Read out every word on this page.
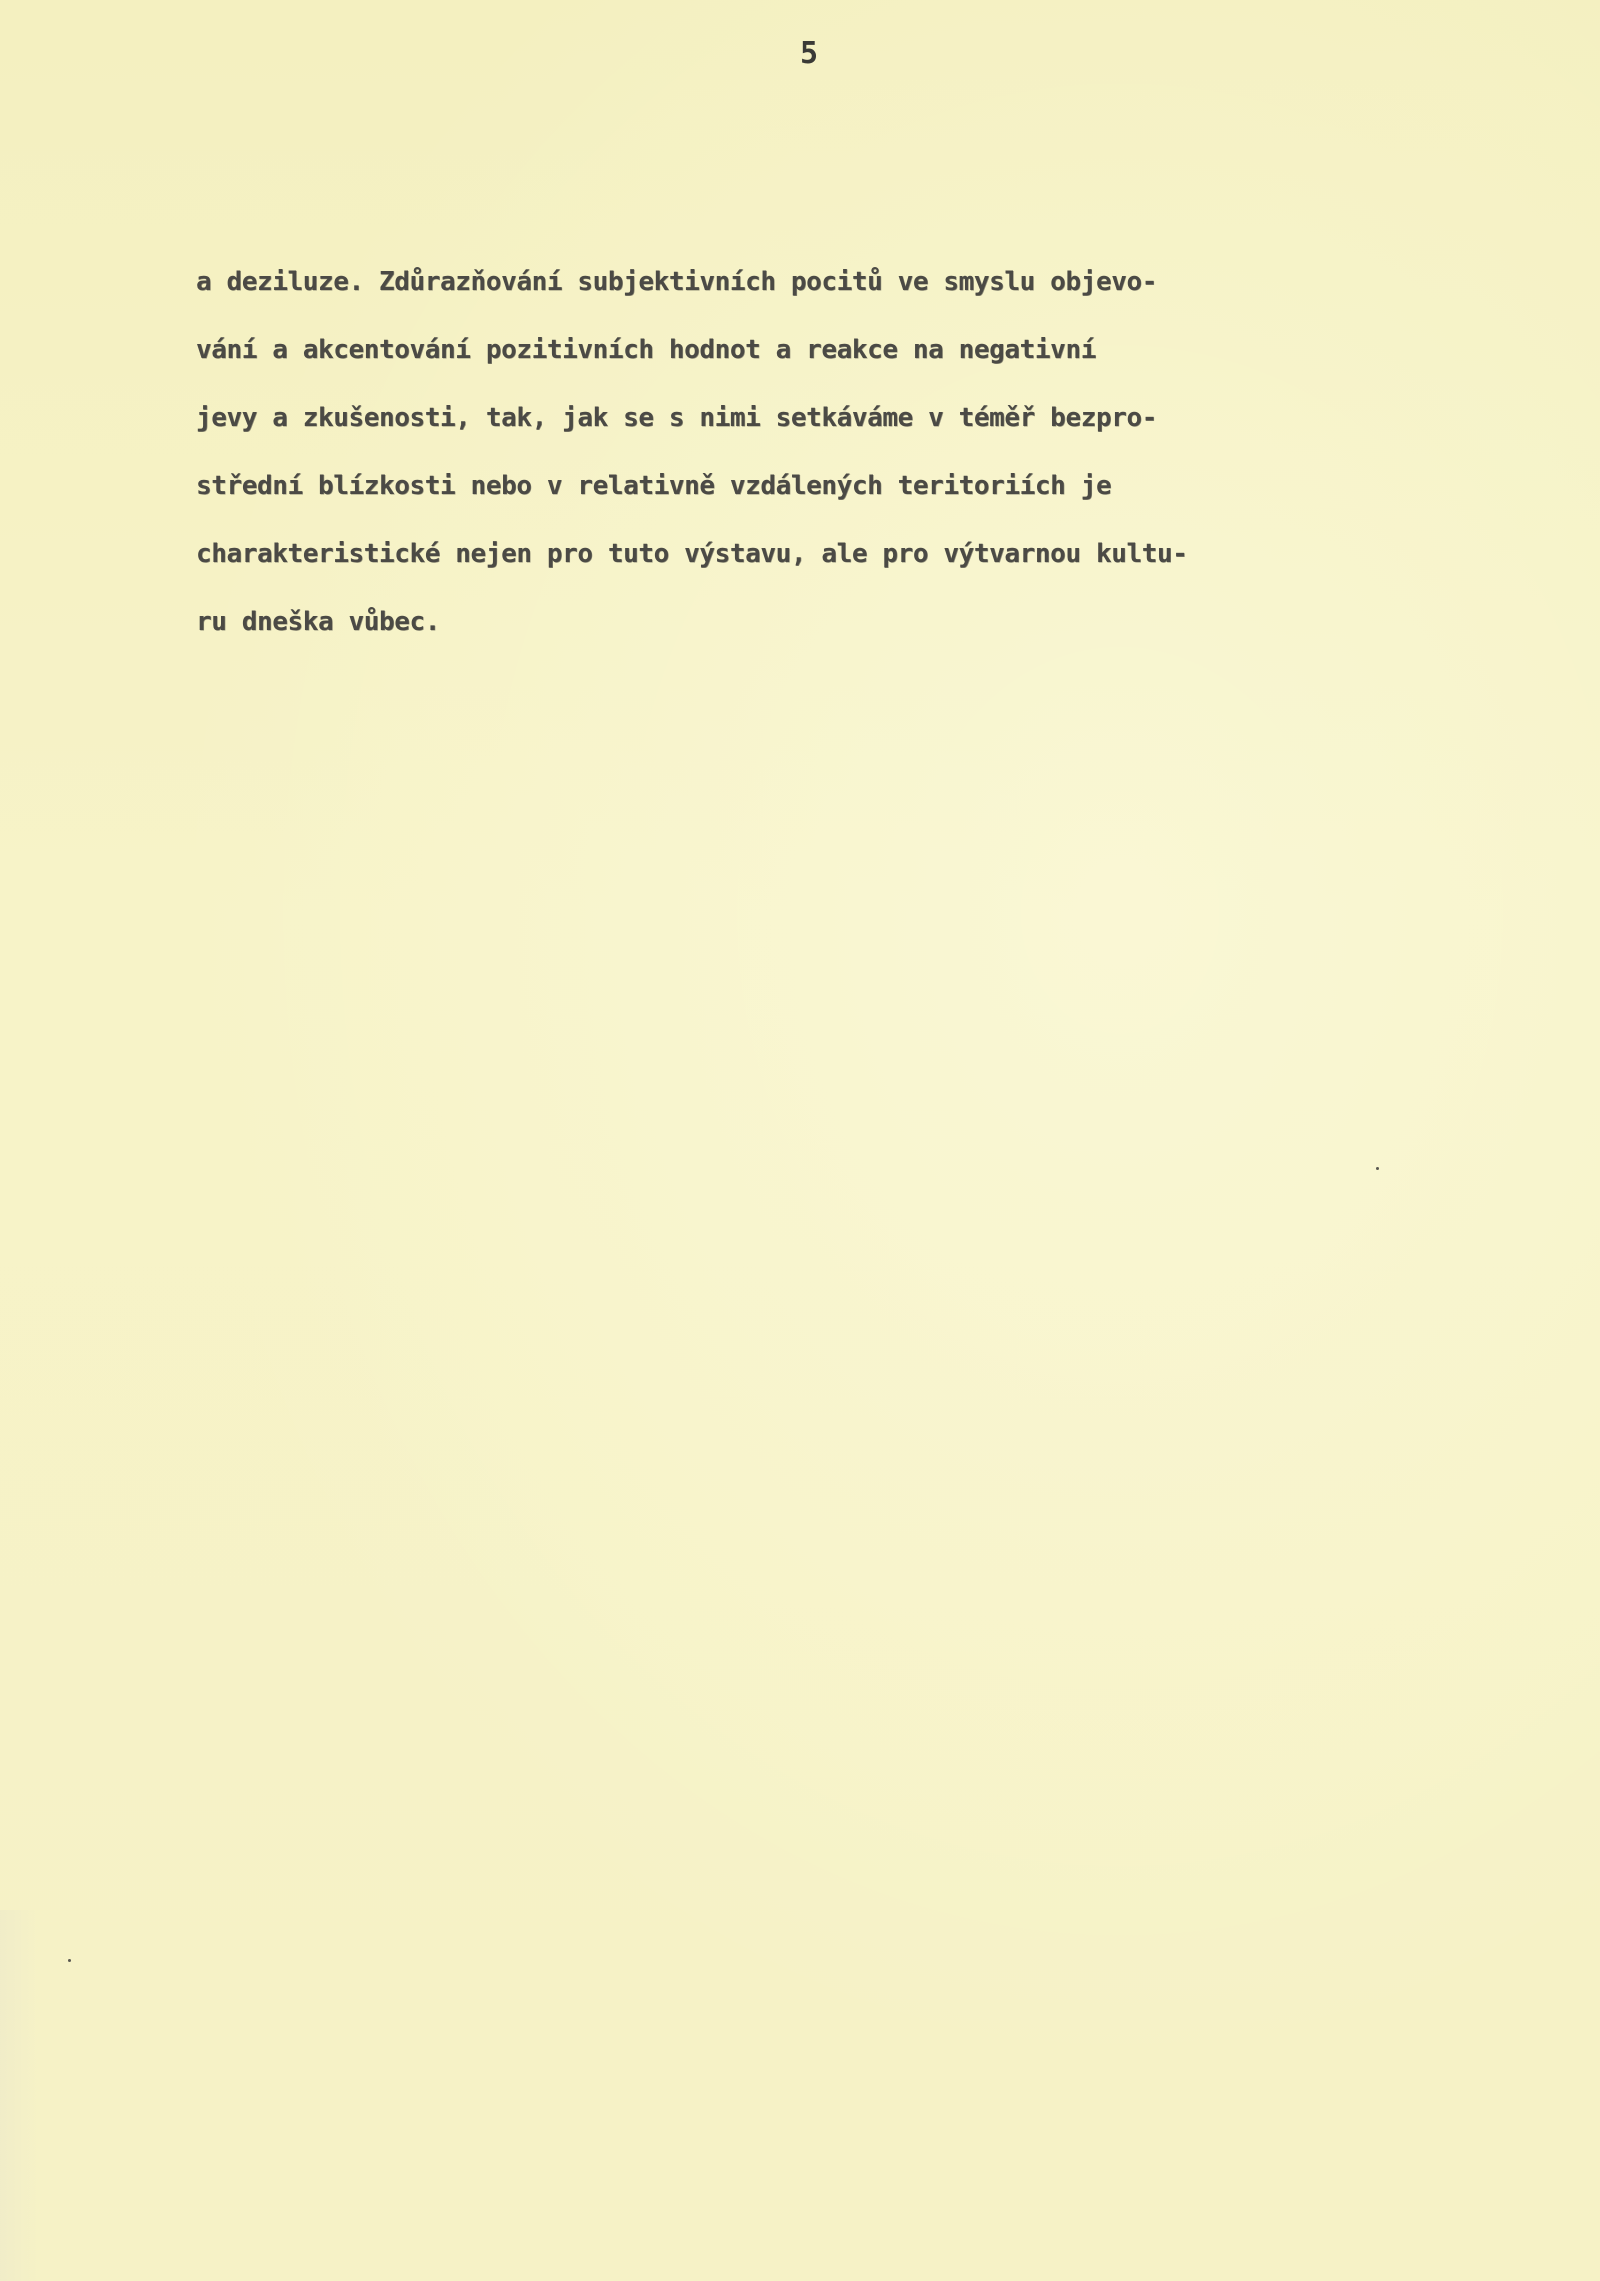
5
a deziluze. Zdůrazňování subjektivních pocitů ve smyslu objevo-
vání a akcentování pozitivních hodnot a reakce na negativní
jevy a zkušenosti, tak, jak se s nimi setkáváme v téměř bezpro-
střední blízkosti nebo v relativně vzdálených teritoriích je
charakteristické nejen pro tuto výstavu, ale pro výtvarnou kultu-
ru dneška vůbec.
